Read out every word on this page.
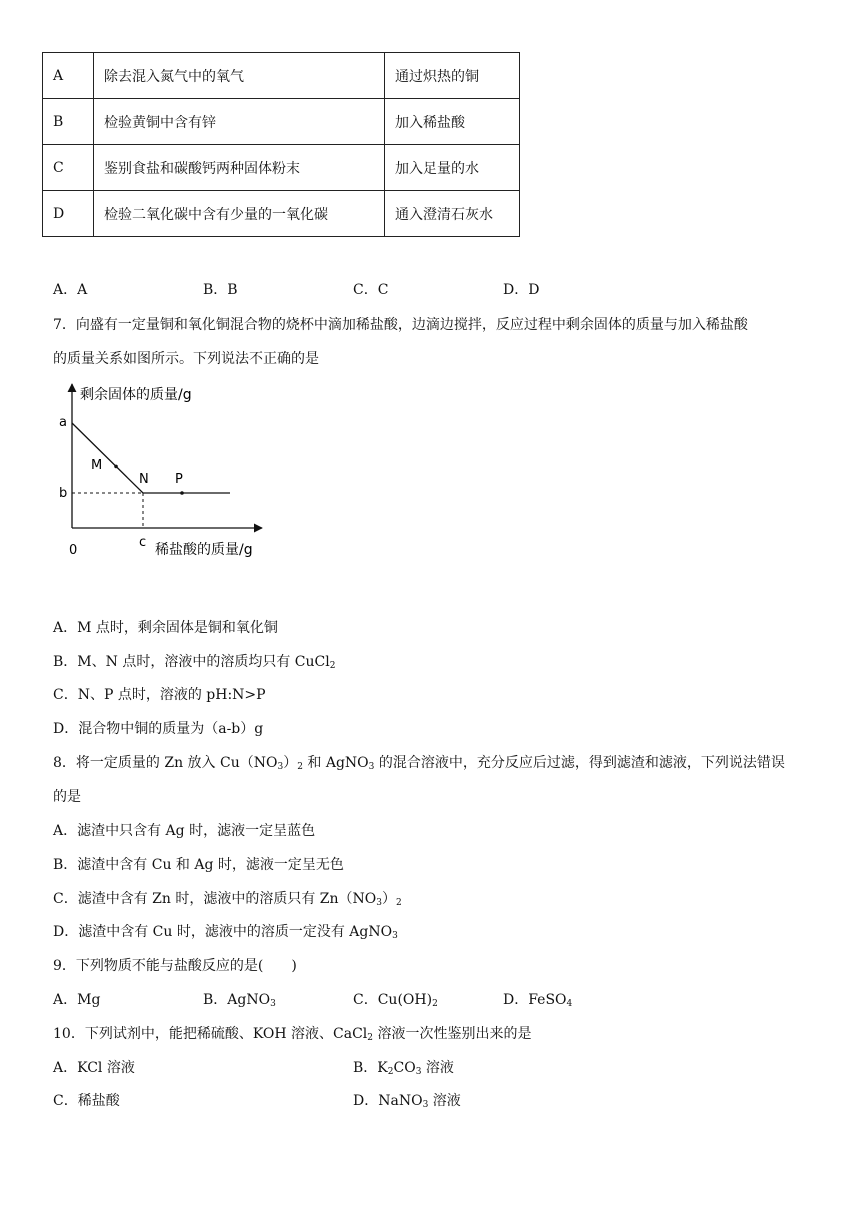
A	除去混入氮气中的氧气	通过炽热的铜
B	检验黄铜中含有锌	加入稀盐酸
C	鉴别食盐和碳酸钙两种固体粉末	加入足量的水
D	检验二氧化碳中含有少量的一氧化碳	通入澄清石灰水
A．A	B．B	C．C	D．D
7．向盛有一定量铜和氧化铜混合物的烧杯中滴加稀盐酸，边滴边搅拌，反应过程中剩余固体的质量与加入稀盐酸
的质量关系如图所示。下列说法不正确的是
剩余固体的质量/g
稀盐酸的质量/g
0
a
b
c
M
N P
A．M 点时，剩余固体是铜和氧化铜
B．M、N 点时，溶液中的溶质均只有 CuCl$_2$
C．N、P 点时，溶液的 pH:N>P
D．混合物中铜的质量为（a-b）g
8．将一定质量的 Zn 放入 $Cu(NO_3)_2$ 和 AgNO$_3$ 的混合溶液中，充分反应后过滤，得到滤渣和滤液，下列说法错误
的是
A．滤渣中只含有 Ag 时，滤液一定呈蓝色
B．滤渣中含有 Cu 和 Ag 时，滤液一定呈无色
C．滤渣中含有 Zn 时，滤液中的溶质只有 $Zn(NO_3)_2$
D．滤渣中含有 Cu 时，滤液中的溶质一定没有 AgNO$_3$
9．下列物质不能与盐酸反应的是(　　)
A．Mg	B．AgNO$_3$	C．$Cu(OH)_2$	D．FeSO$_4$
10．下列试剂中，能把稀硫酸、KOH 溶液、CaCl$_2$ 溶液一次性鉴别出来的是
A．KCl 溶液	B．$K_2CO_3$ 溶液
C．稀盐酸	D．NaNO$_3$ 溶液
